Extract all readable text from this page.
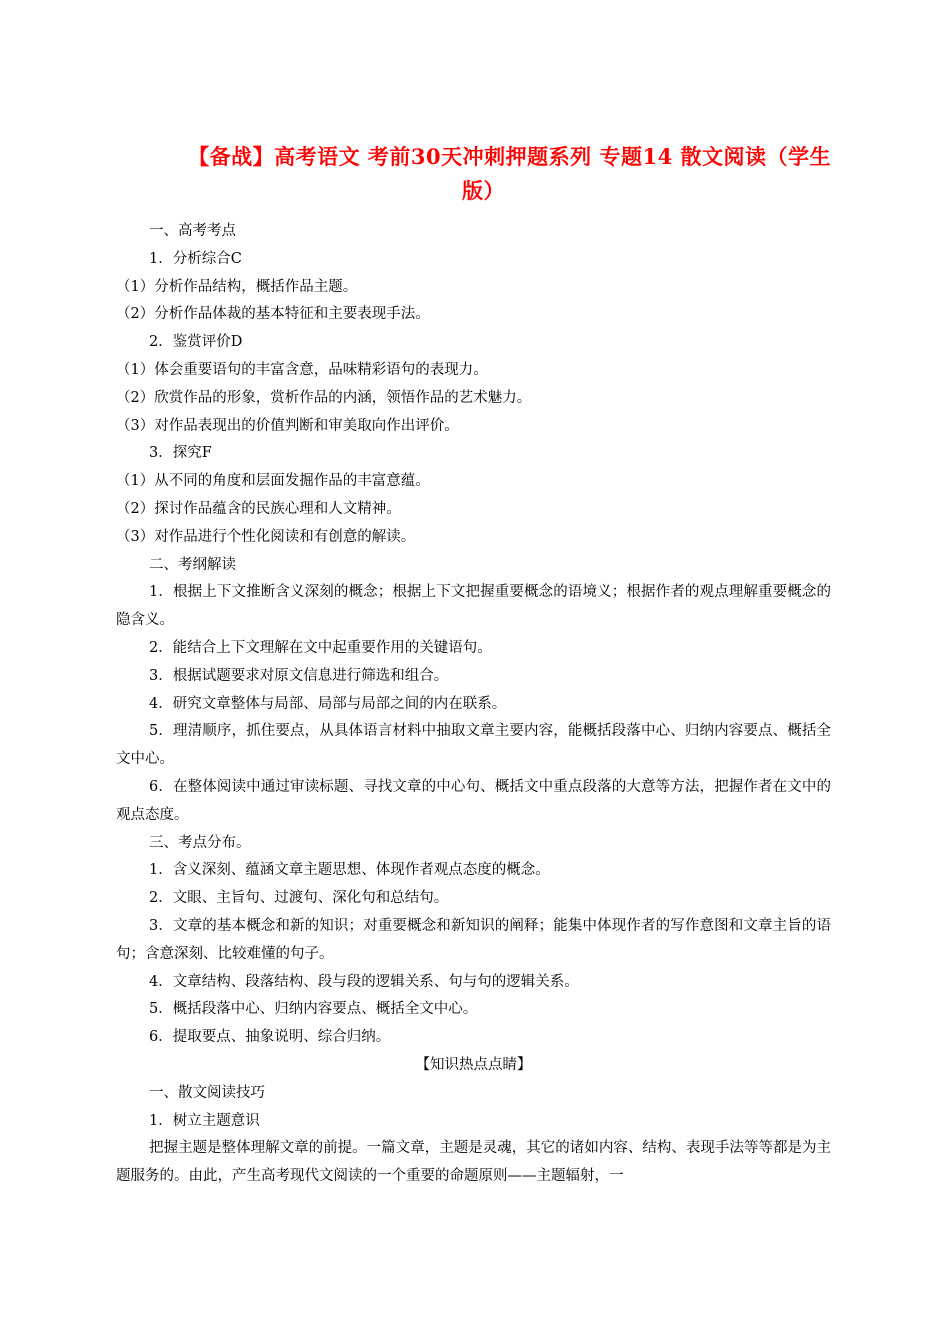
【备战】高考语文 考前30天冲刺押题系列 专题14 散文阅读（学生
版）

一、高考考点

1．分析综合C

（1）分析作品结构，概括作品主题。

（2）分析作品体裁的基本特征和主要表现手法。

2．鉴赏评价D

（1）体会重要语句的丰富含意，品味精彩语句的表现力。

（2）欣赏作品的形象，赏析作品的内涵，领悟作品的艺术魅力。

（3）对作品表现出的价值判断和审美取向作出评价。

3．探究F

（1）从不同的角度和层面发掘作品的丰富意蕴。

（2）探讨作品蕴含的民族心理和人文精神。

（3）对作品进行个性化阅读和有创意的解读。

二、考纲解读

1．根据上下文推断含义深刻的概念；根据上下文把握重要概念的语境义；根据作者的观点理解重要概念的隐含义。

2．能结合上下文理解在文中起重要作用的关键语句。

3．根据试题要求对原文信息进行筛选和组合。

4．研究文章整体与局部、局部与局部之间的内在联系。

5．理清顺序，抓住要点，从具体语言材料中抽取文章主要内容，能概括段落中心、归纳内容要点、概括全文中心。

6．在整体阅读中通过审读标题、寻找文章的中心句、概括文中重点段落的大意等方法，把握作者在文中的观点态度。

三、考点分布。

1．含义深刻、蕴涵文章主题思想、体现作者观点态度的概念。

2．文眼、主旨句、过渡句、深化句和总结句。

3．文章的基本概念和新的知识；对重要概念和新知识的阐释；能集中体现作者的写作意图和文章主旨的语句；含意深刻、比较难懂的句子。

4．文章结构、段落结构、段与段的逻辑关系、句与句的逻辑关系。

5．概括段落中心、归纳内容要点、概括全文中心。

6．提取要点、抽象说明、综合归纳。

【知识热点点睛】

一、散文阅读技巧

1．树立主题意识

把握主题是整体理解文章的前提。一篇文章，主题是灵魂，其它的诸如内容、结构、表现手法等等都是为主题服务的。由此，产生高考现代文阅读的一个重要的命题原则——主题辐射，一
